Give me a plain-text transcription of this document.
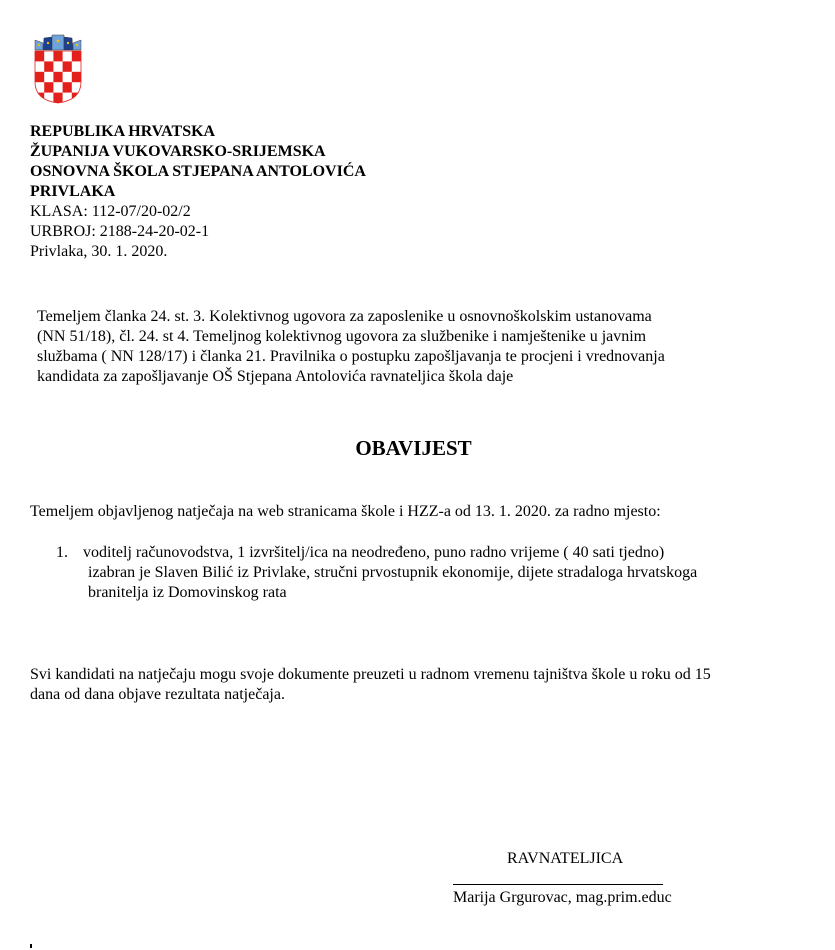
REPUBLIKA HRVATSKA
ŽUPANIJA VUKOVARSKO-SRIJEMSKA
OSNOVNA ŠKOLA STJEPANA ANTOLOVIĆA
PRIVLAKA
KLASA: 112-07/20-02/2
URBROJ: 2188-24-20-02-1
Privlaka, 30. 1. 2020.
Temeljem članka 24. st. 3. Kolektivnog ugovora za zaposlenike u osnovnoškolskim ustanovama
(NN 51/18), čl. 24. st 4. Temeljnog kolektivnog ugovora za službenike i namještenike u javnim
službama ( NN 128/17) i članka 21. Pravilnika o postupku zapošljavanja te procjeni i vrednovanja
kandidata za zapošljavanje OŠ Stjepana Antolovića ravnateljica škola daje
OBAVIJEST
Temeljem objavljenog natječaja na web stranicama škole i HZZ-a od 13. 1. 2020. za radno mjesto:
1. voditelj računovodstva, 1 izvršitelj/ica na neodređeno, puno radno vrijeme ( 40 sati tjedno)
izabran je Slaven Bilić iz Privlake, stručni prvostupnik ekonomije, dijete stradaloga hrvatskoga
branitelja iz Domovinskog rata
Svi kandidati na natječaju mogu svoje dokumente preuzeti u radnom vremenu tajništva škole u roku od 15
dana od dana objave rezultata natječaja.
RAVNATELJICA
Marija Grgurovac, mag.prim.educ
